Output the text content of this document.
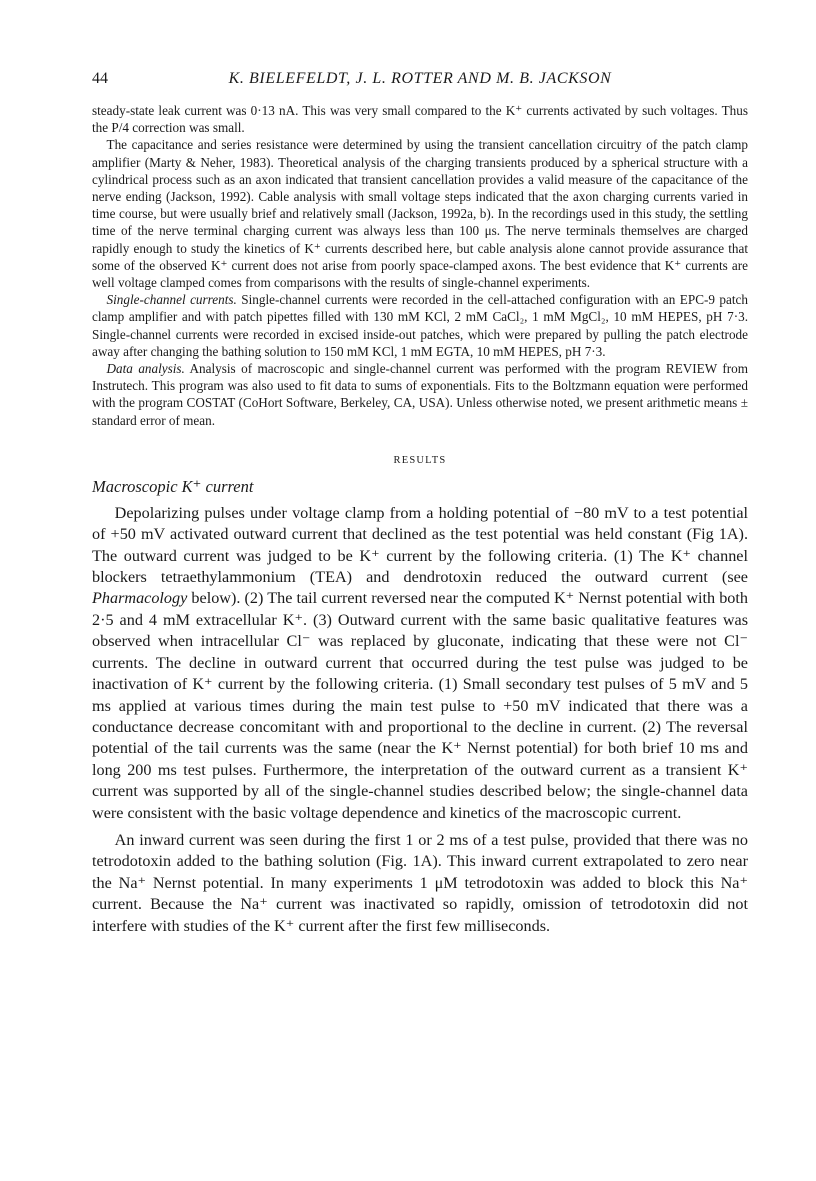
44	K. BIELEFELDT, J. L. ROTTER AND M. B. JACKSON

steady-state leak current was 0·13 nA. This was very small compared to the K⁺ currents activated by such voltages. Thus the P/4 correction was small.

The capacitance and series resistance were determined by using the transient cancellation circuitry of the patch clamp amplifier (Marty & Neher, 1983). Theoretical analysis of the charging transients produced by a spherical structure with a cylindrical process such as an axon indicated that transient cancellation provides a valid measure of the capacitance of the nerve ending (Jackson, 1992). Cable analysis with small voltage steps indicated that the axon charging currents varied in time course, but were usually brief and relatively small (Jackson, 1992a, b). In the recordings used in this study, the settling time of the nerve terminal charging current was always less than 100 μs. The nerve terminals themselves are charged rapidly enough to study the kinetics of K⁺ currents described here, but cable analysis alone cannot provide assurance that some of the observed K⁺ current does not arise from poorly space-clamped axons. The best evidence that K⁺ currents are well voltage clamped comes from comparisons with the results of single-channel experiments.

Single-channel currents. Single-channel currents were recorded in the cell-attached configuration with an EPC-9 patch clamp amplifier and with patch pipettes filled with 130 mM KCl, 2 mM CaCl₂, 1 mM MgCl₂, 10 mM HEPES, pH 7·3. Single-channel currents were recorded in excised inside-out patches, which were prepared by pulling the patch electrode away after changing the bathing solution to 150 mM KCl, 1 mM EGTA, 10 mM HEPES, pH 7·3.

Data analysis. Analysis of macroscopic and single-channel current was performed with the program REVIEW from Instrutech. This program was also used to fit data to sums of exponentials. Fits to the Boltzmann equation were performed with the program COSTAT (CoHort Software, Berkeley, CA, USA). Unless otherwise noted, we present arithmetic means ± standard error of mean.

RESULTS
Macroscopic K⁺ current

Depolarizing pulses under voltage clamp from a holding potential of −80 mV to a test potential of +50 mV activated outward current that declined as the test potential was held constant (Fig 1A). The outward current was judged to be K⁺ current by the following criteria. (1) The K⁺ channel blockers tetraethylammonium (TEA) and dendrotoxin reduced the outward current (see Pharmacology below). (2) The tail current reversed near the computed K⁺ Nernst potential with both 2·5 and 4 mM extracellular K⁺. (3) Outward current with the same basic qualitative features was observed when intracellular Cl⁻ was replaced by gluconate, indicating that these were not Cl⁻ currents. The decline in outward current that occurred during the test pulse was judged to be inactivation of K⁺ current by the following criteria. (1) Small secondary test pulses of 5 mV and 5 ms applied at various times during the main test pulse to +50 mV indicated that there was a conductance decrease concomitant with and proportional to the decline in current. (2) The reversal potential of the tail currents was the same (near the K⁺ Nernst potential) for both brief 10 ms and long 200 ms test pulses. Furthermore, the interpretation of the outward current as a transient K⁺ current was supported by all of the single-channel studies described below; the single-channel data were consistent with the basic voltage dependence and kinetics of the macroscopic current.

An inward current was seen during the first 1 or 2 ms of a test pulse, provided that there was no tetrodotoxin added to the bathing solution (Fig. 1A). This inward current extrapolated to zero near the Na⁺ Nernst potential. In many experiments 1 μM tetrodotoxin was added to block this Na⁺ current. Because the Na⁺ current was inactivated so rapidly, omission of tetrodotoxin did not interfere with studies of the K⁺ current after the first few milliseconds.
